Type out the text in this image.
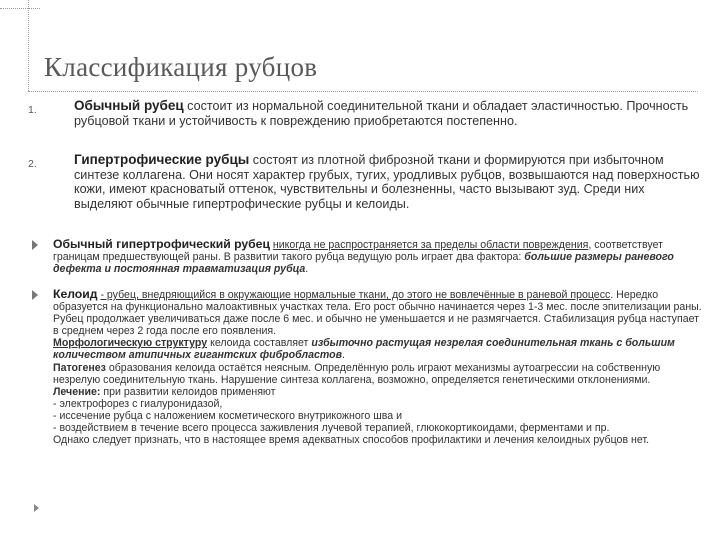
Классификация рубцов
1.	Обычный рубец состоит из нормальной соединительной ткани и обладает эластичностью. Прочность рубцовой ткани и устойчивость к повреждению приобретаются постепенно.
2.	Гипертрофические рубцы состоят из плотной фиброзной ткани и формируются при избыточном синтезе коллагена. Они носят характер грубых, тугих, уродливых рубцов, возвышаются над поверхностью кожи, имеют красноватый оттенок, чувствительны и болезненны, часто вызывают зуд. Среди них выделяют обычные гипертрофические рубцы и келоиды.
Обычный гипертрофический рубец никогда не распространяется за пределы области повреждения, соответствует границам предшествующей раны. В развитии такого рубца ведущую роль играет два фактора: большие размеры раневого дефекта и постоянная травматизация рубца.
Келоид - рубец, внедряющийся в окружающие нормальные ткани, до этого не вовлечённые в раневой процесс. Нередко образуется на функционально малоактивных участках тела. Его рост обычно начинается через 1-3 мес. после эпителизации раны. Рубец продолжает увеличиваться даже после 6 мес. и обычно не уменьшается и не размягчается. Стабилизация рубца наступает в среднем через 2 года после его появления.
Морфологическую структуру келоида составляет избыточно растущая незрелая соединительная ткань с большим количеством атипичных гигантских фибробластов.
Патогенез образования келоида остаётся неясным. Определённую роль играют механизмы аутоагрессии на собственную незрелую соединительную ткань. Нарушение синтеза коллагена, возможно, определяется генетическими отклонениями.
Лечение: при развитии келоидов применяют
- электрофорез с гиалуронидазой,
- иссечение рубца с наложением косметического внутрикожного шва и
- воздействием в течение всего процесса заживления лучевой терапией, глюкокортикоидами, ферментами и пр.
Однако следует признать, что в настоящее время адекватных способов профилактики и лечения келоидных рубцов нет.
